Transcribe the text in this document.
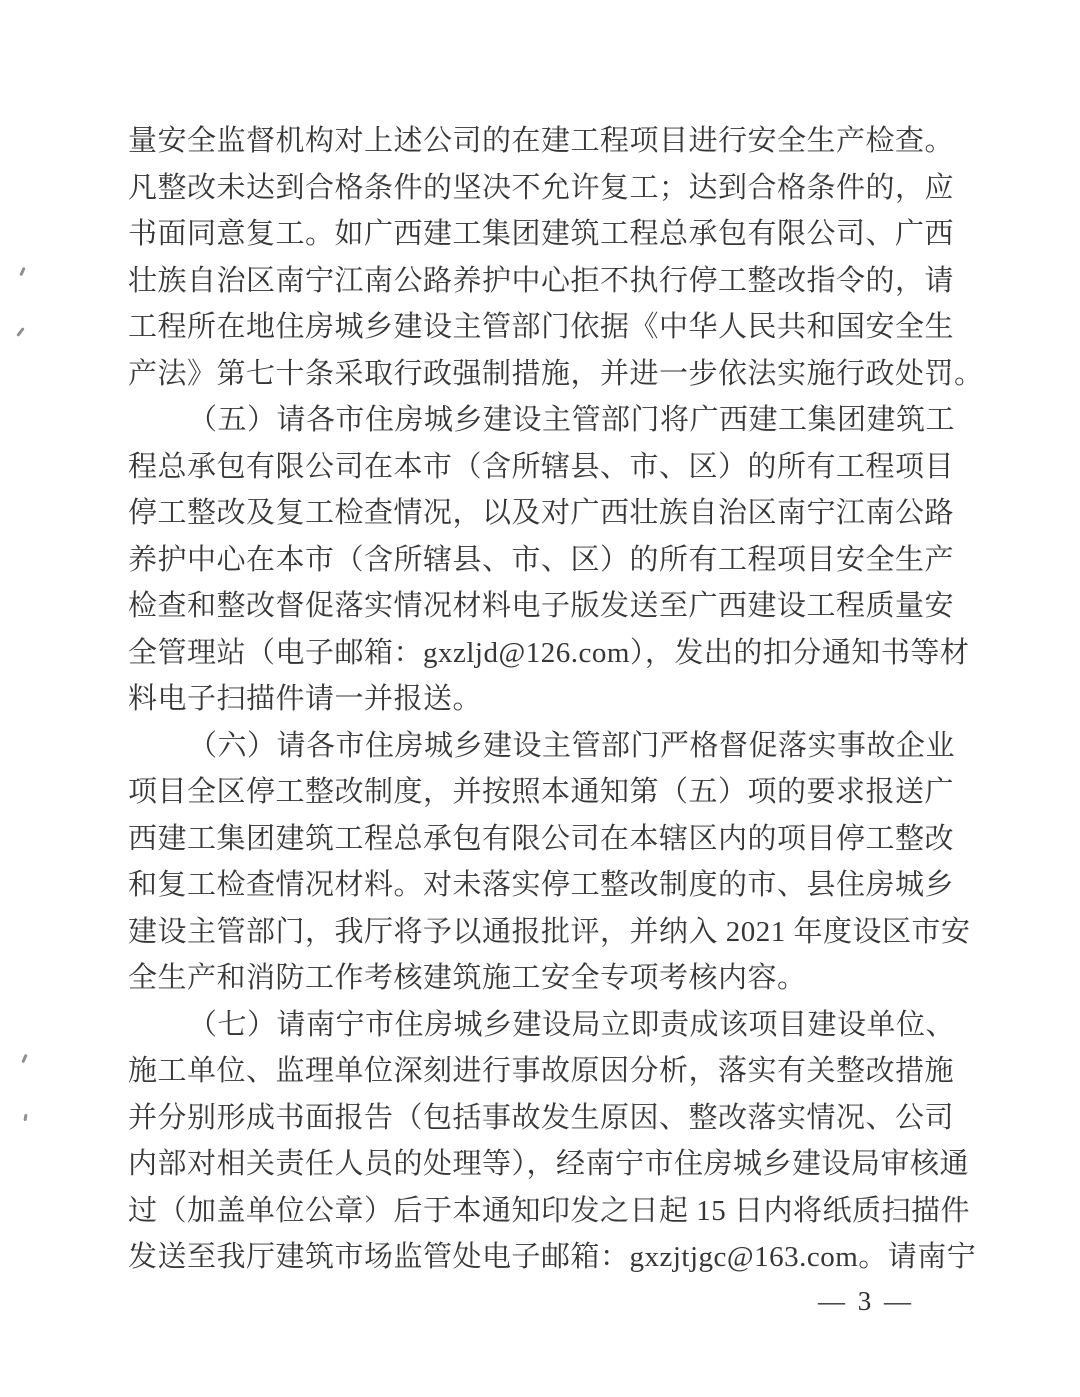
量安全监督机构对上述公司的在建工程项目进行安全生产检查。
凡整改未达到合格条件的坚决不允许复工；达到合格条件的，应
书面同意复工。如广西建工集团建筑工程总承包有限公司、广西
壮族自治区南宁江南公路养护中心拒不执行停工整改指令的，请
工程所在地住房城乡建设主管部门依据《中华人民共和国安全生
产法》第七十条采取行政强制措施，并进一步依法实施行政处罚。
（五）请各市住房城乡建设主管部门将广西建工集团建筑工
程总承包有限公司在本市（含所辖县、市、区）的所有工程项目
停工整改及复工检查情况，以及对广西壮族自治区南宁江南公路
养护中心在本市（含所辖县、市、区）的所有工程项目安全生产
检查和整改督促落实情况材料电子版发送至广西建设工程质量安
全管理站（电子邮箱：gxzljd@126.com），发出的扣分通知书等材
料电子扫描件请一并报送。
（六）请各市住房城乡建设主管部门严格督促落实事故企业
项目全区停工整改制度，并按照本通知第（五）项的要求报送广
西建工集团建筑工程总承包有限公司在本辖区内的项目停工整改
和复工检查情况材料。对未落实停工整改制度的市、县住房城乡
建设主管部门，我厅将予以通报批评，并纳入 2021 年度设区市安
全生产和消防工作考核建筑施工安全专项考核内容。
（七）请南宁市住房城乡建设局立即责成该项目建设单位、
施工单位、监理单位深刻进行事故原因分析，落实有关整改措施
并分别形成书面报告（包括事故发生原因、整改落实情况、公司
内部对相关责任人员的处理等），经南宁市住房城乡建设局审核通
过（加盖单位公章）后于本通知印发之日起 15 日内将纸质扫描件
发送至我厅建筑市场监管处电子邮箱：gxzjtjgc@163.com。请南宁
— 3 —
